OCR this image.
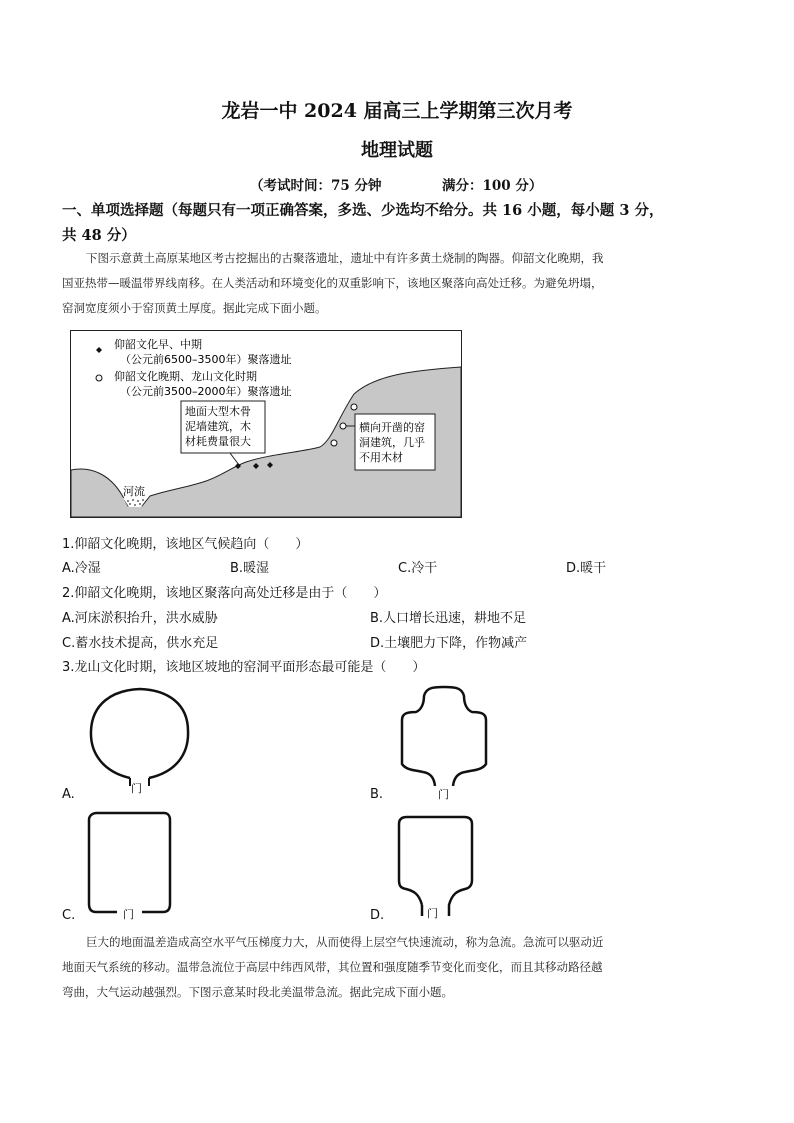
龙岩一中 2024 届高三上学期第三次月考
地理试题
（考试时间：75 分钟	满分：100 分）
一、单项选择题（每题只有一项正确答案，多选、少选均不给分。共 16 小题，每小题 3 分，
共 48 分）
下图示意黄土高原某地区考古挖掘出的古聚落遗址，遗址中有许多黄土烧制的陶器。仰韶文化晚期，我
国亚热带—暖温带界线南移。在人类活动和环境变化的双重影响下，该地区聚落向高处迁移。为避免坍塌，
窑洞宽度须小于窑顶黄土厚度。据此完成下面小题。
河流
仰韶文化早、中期
（公元前6500–3500年）聚落遗址
仰韶文化晚期、龙山文化时期
（公元前3500–2000年）聚落遗址
地面大型木骨
泥墙建筑，木
材耗费量很大
横向开凿的窑
洞建筑，几乎
不用木材
1.仰韶文化晚期，该地区气候趋向（　　）
A.冷湿	B.暖湿	C.冷干	D.暖干
2.仰韶文化晚期，该地区聚落向高处迁移是由于（　　）
A.河床淤积抬升，洪水威胁	B.人口增长迅速，耕地不足
C.蓄水技术提高，供水充足	D.土壤肥力下降，作物减产
3.龙山文化时期，该地区坡地的窑洞平面形态最可能是（　　）
A.	门	B.	门
C.	门	D.	门
巨大的地面温差造成高空水平气压梯度力大，从而使得上层空气快速流动，称为急流。急流可以驱动近
地面天气系统的移动。温带急流位于高层中纬西风带，其位置和强度随季节变化而变化，而且其移动路径越
弯曲，大气运动越强烈。下图示意某时段北美温带急流。据此完成下面小题。
